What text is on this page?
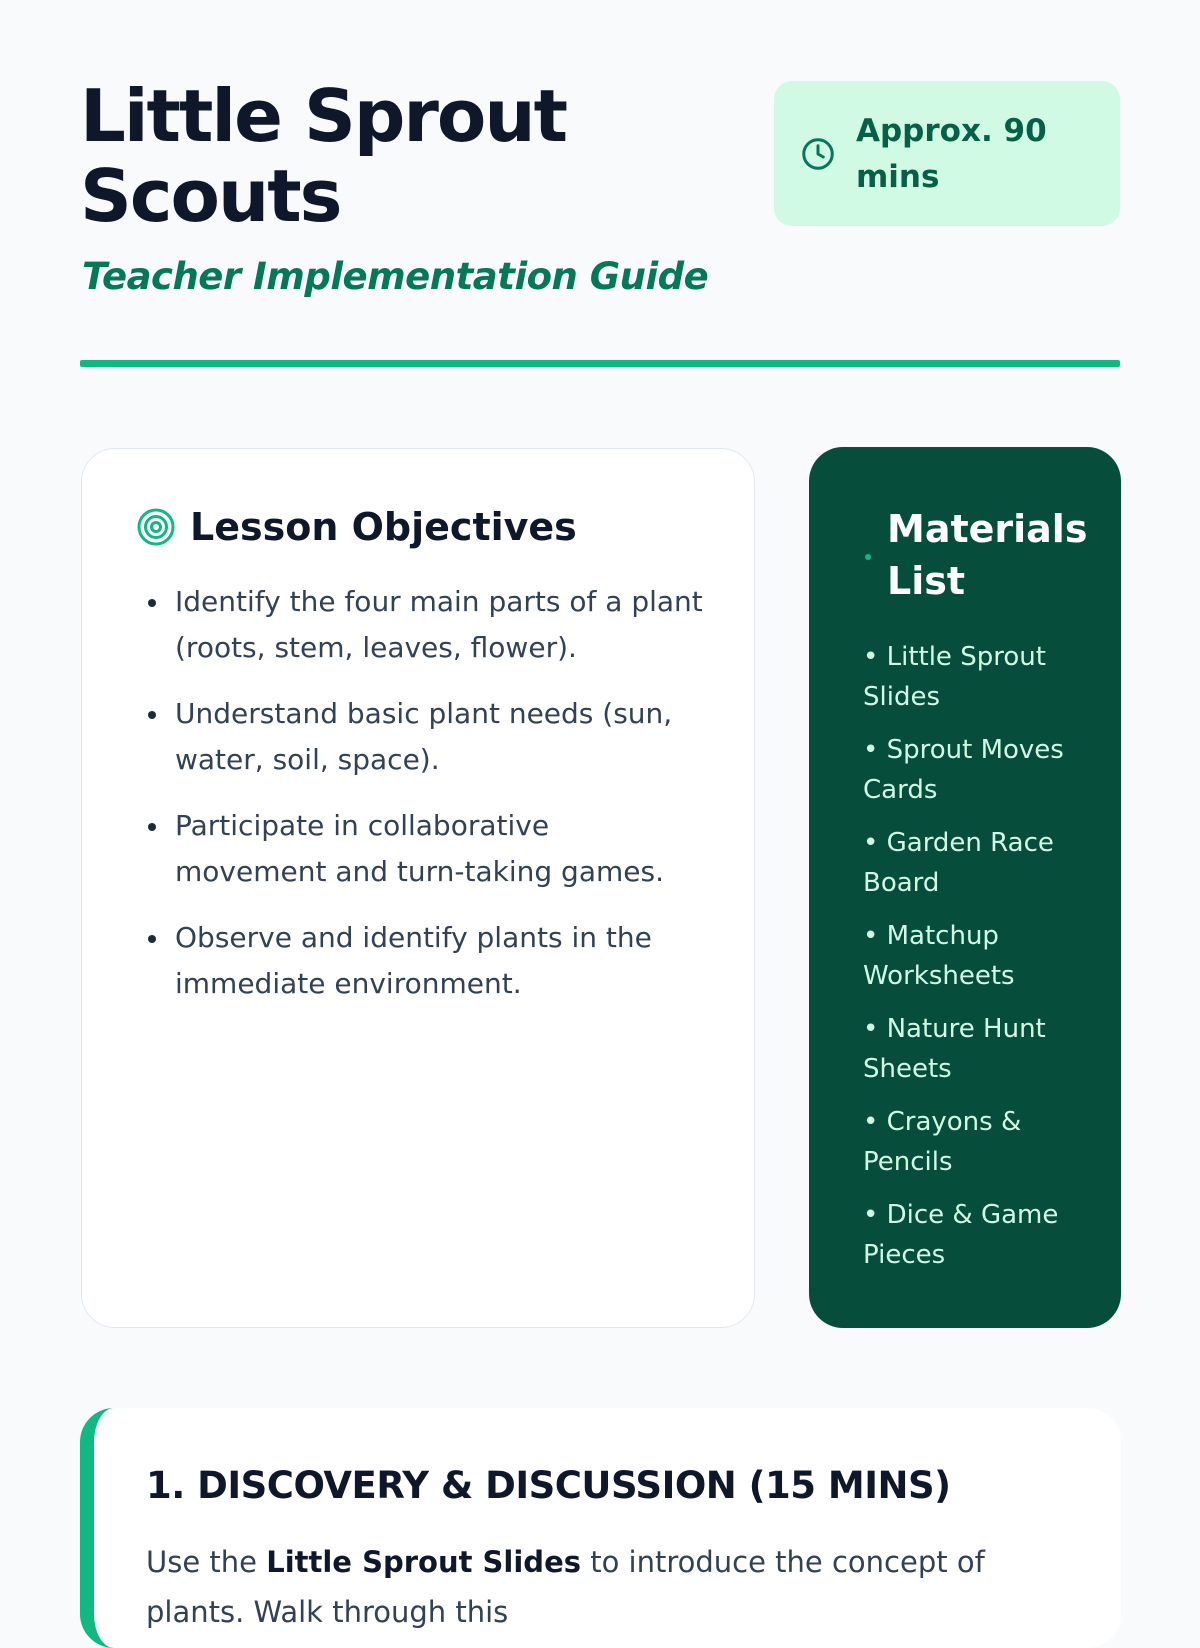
Little Sprout Scouts
Teacher Implementation Guide
Approx. 90 mins
Lesson Objectives
Identify the four main parts of a plant (roots, stem, leaves, flower).
Understand basic plant needs (sun, water, soil, space).
Participate in collaborative movement and turn-taking games.
Observe and identify plants in the immediate environment.
Materials List
• Little Sprout Slides
• Sprout Moves Cards
• Garden Race Board
• Matchup Worksheets
• Nature Hunt Sheets
• Crayons & Pencils
• Dice & Game Pieces
1. DISCOVERY & DISCUSSION (15 MINS)

Use the Little Sprout Slides to introduce the concept of plants. Walk through this
